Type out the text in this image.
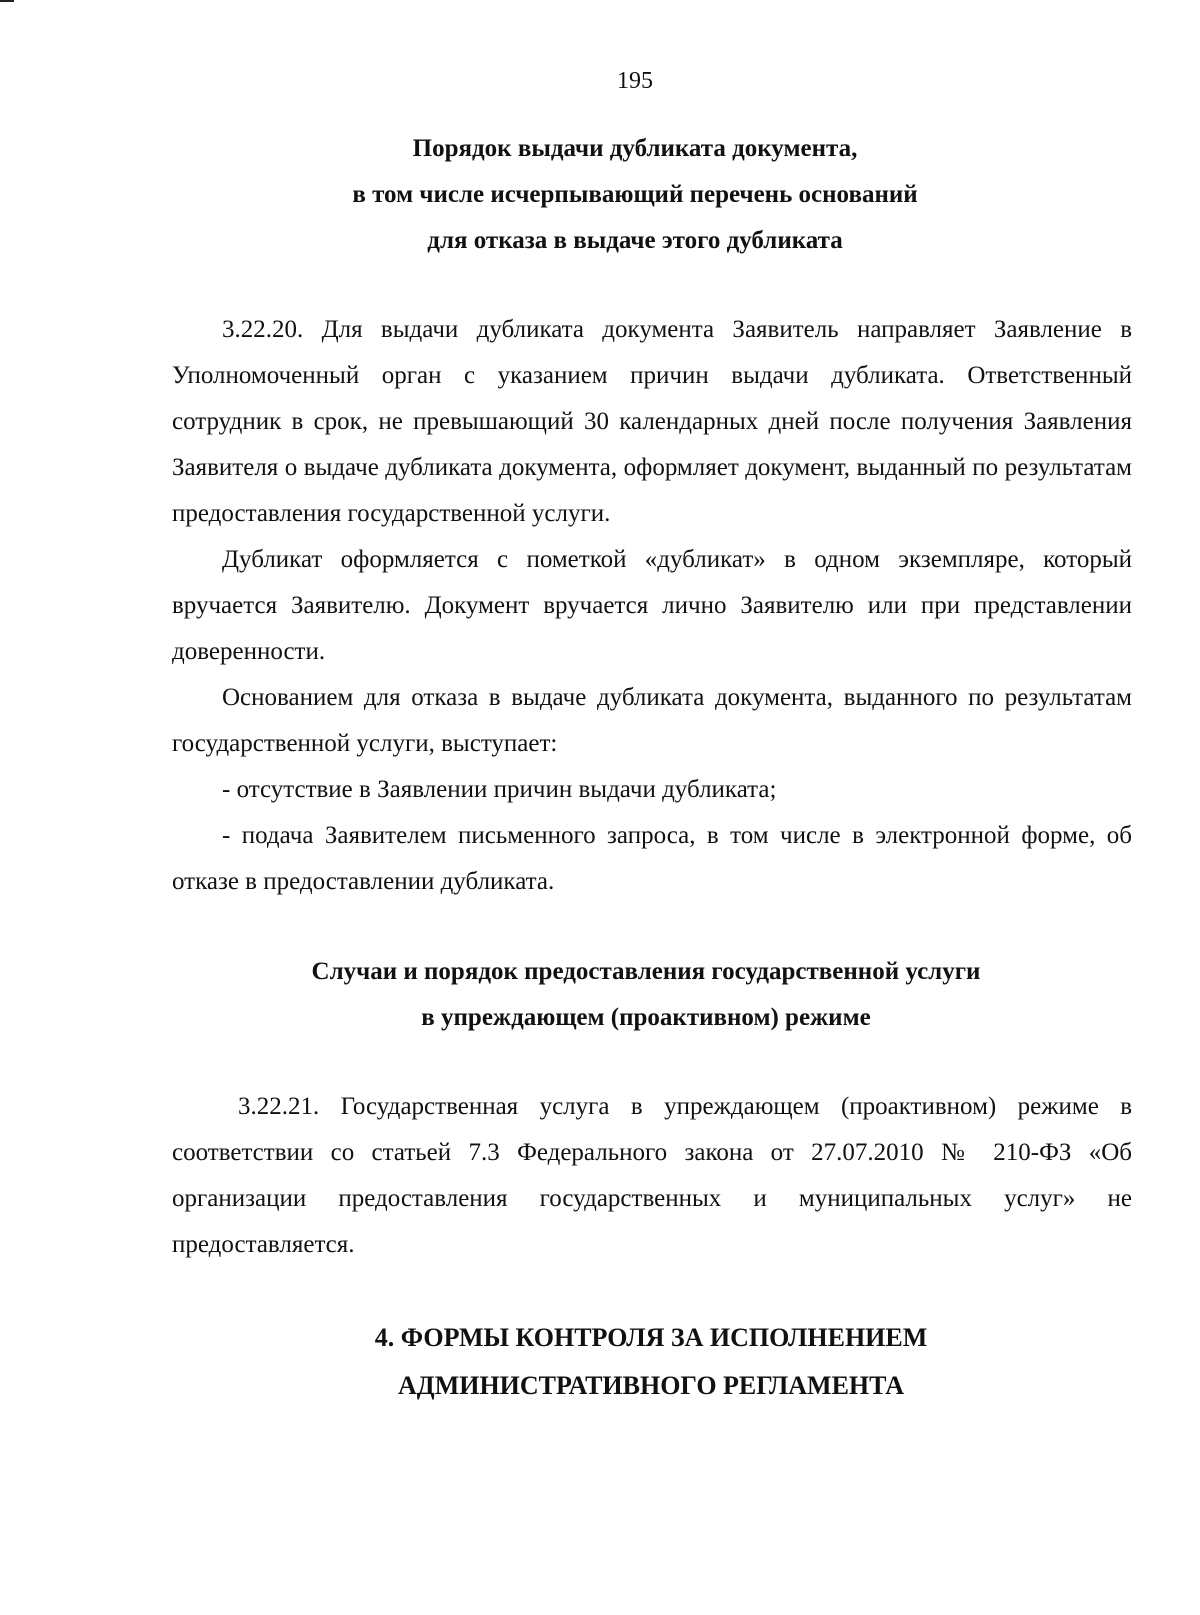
195
Порядок выдачи дубликата документа,
в том числе исчерпывающий перечень оснований
для отказа в выдаче этого дубликата
3.22.20. Для выдачи дубликата документа Заявитель направляет Заявление в Уполномоченный орган с указанием причин выдачи дубликата. Ответственный сотрудник в срок, не превышающий 30 календарных дней после получения Заявления Заявителя о выдаче дубликата документа, оформляет документ, выданный по результатам предоставления государственной услуги.
Дубликат оформляется с пометкой «дубликат» в одном экземпляре, который вручается Заявителю. Документ вручается лично Заявителю или при представлении доверенности.
Основанием для отказа в выдаче дубликата документа, выданного по результатам государственной услуги, выступает:
- отсутствие в Заявлении причин выдачи дубликата;
- подача Заявителем письменного запроса, в том числе в электронной форме, об отказе в предоставлении дубликата.
Случаи и порядок предоставления государственной услуги
в упреждающем (проактивном) режиме
3.22.21. Государственная услуга в упреждающем (проактивном) режиме в соответствии со статьей 7.3 Федерального закона от 27.07.2010 № 210-ФЗ «Об организации предоставления государственных и муниципальных услуг» не предоставляется.
4. ФОРМЫ КОНТРОЛЯ ЗА ИСПОЛНЕНИЕМ
АДМИНИСТРАТИВНОГО РЕГЛАМЕНТА
